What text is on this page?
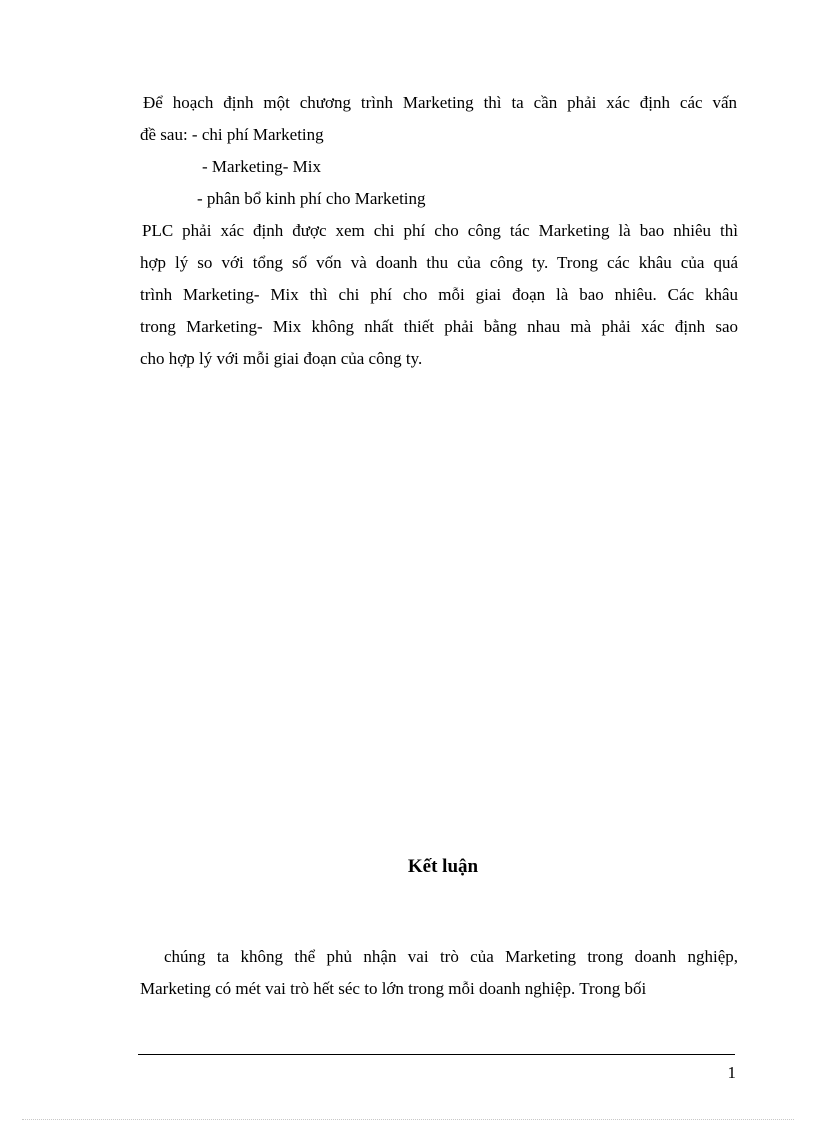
Để hoạch định một chương trình Marketing thì ta cần phải xác định các vấn

đề sau: - chi phí Marketing

- Marketing- Mix

- phân bổ kinh phí cho Marketing

PLC phải xác định được xem chi phí cho công tác Marketing là bao nhiêu thì

hợp lý so với tổng số vốn và doanh thu của công ty. Trong các khâu của quá

trình Marketing- Mix thì chi phí cho mỗi giai đoạn là bao nhiêu. Các khâu

trong Marketing- Mix không nhất thiết phải bằng nhau mà phải xác định sao

cho hợp lý với mỗi giai đoạn của công ty.

Kết luận

chúng ta không thể phủ nhận vai trò của Marketing trong doanh nghiệp,

Marketing có mét vai trò hết séc to lớn trong mỗi doanh nghiệp. Trong bối

1
